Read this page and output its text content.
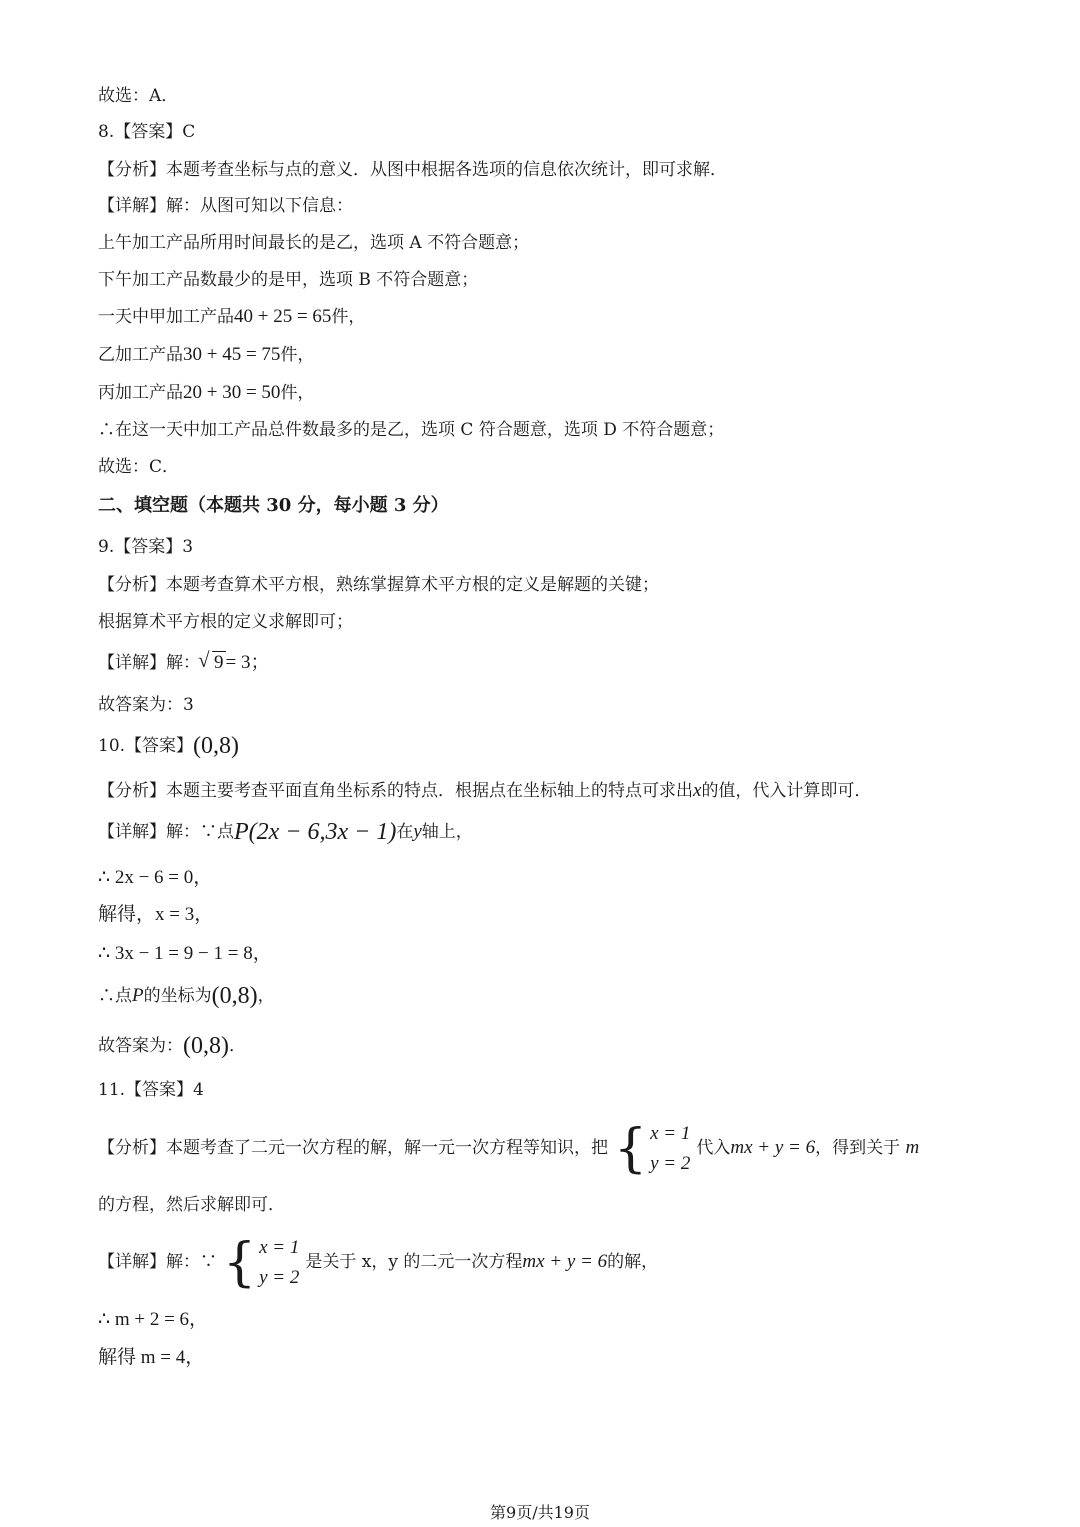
故选：A．
8.【答案】C
【分析】本题考查坐标与点的意义．从图中根据各选项的信息依次统计，即可求解．
【详解】解：从图可知以下信息：
上午加工产品所用时间最长的是乙，选项 A 不符合题意；
下午加工产品数最少的是甲，选项 B 不符合题意；
一天中甲加工产品40 + 25 = 65件，
乙加工产品30 + 45 = 75件，
丙加工产品20 + 30 = 50件，
∴在这一天中加工产品总件数最多的是乙，选项 C 符合题意，选项 D 不符合题意；
故选：C．
二、填空题（本题共 30 分，每小题 3 分）
9.【答案】3
【分析】本题考查算术平方根，熟练掌握算术平方根的定义是解题的关键；
根据算术平方根的定义求解即可；
【详解】解：√ 9 = 3；
故答案为：3
10.【答案】(0,8)
【分析】本题主要考查平面直角坐标系的特点．根据点在坐标轴上的特点可求出x的值，代入计算即可．
【详解】解：∵点P(2x − 6,3x − 1)在y轴上，
∴ 2x − 6 = 0，
解得，x = 3，
∴ 3x − 1 = 9 − 1 = 8，
∴点P的坐标为(0,8)，
故答案为：(0,8)．
11.【答案】4
【分析】本题考查了二元一次方程的解，解一元一次方程等知识，把 { x = 1
y = 2
代入mx + y = 6，得到关于 m
的方程，然后求解即可．
【详解】解：∵ { x = 1
y = 2
是关于 x，y 的二元一次方程mx + y = 6的解，
∴ m + 2 = 6，
解得 m = 4，
第9页/共19页
